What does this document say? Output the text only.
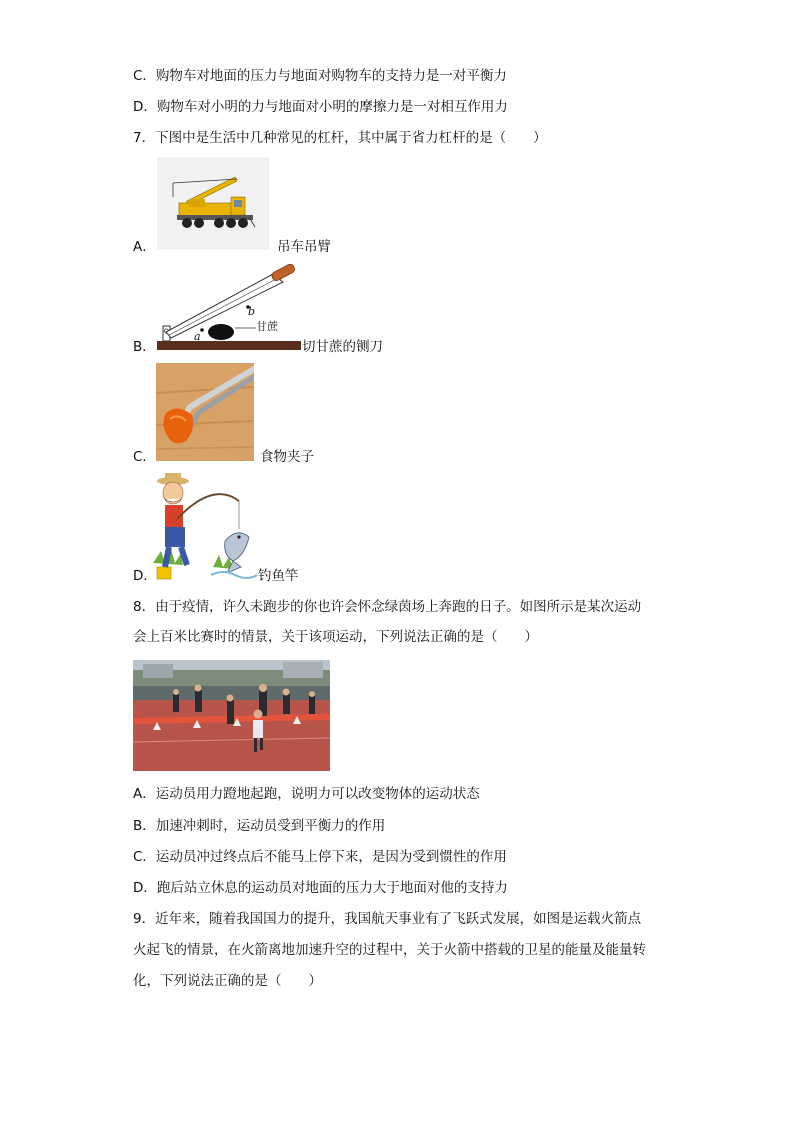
C．购物车对地面的压力与地面对购物车的支持力是一对平衡力
D．购物车对小明的力与地面对小明的摩擦力是一对相互作用力
7．下图中是生活中几种常见的杠杆，其中属于省力杠杆的是（　　）
A．	吊车吊臂
甘蔗
a
b
B．	切甘蔗的铡刀
C．	食物夹子
D．	钓鱼竿
8．由于疫情，许久未跑步的你也许会怀念绿茵场上奔跑的日子。如图所示是某次运动
会上百米比赛时的情景，关于该项运动，下列说法正确的是（　　）
A．运动员用力蹬地起跑，说明力可以改变物体的运动状态
B．加速冲刺时，运动员受到平衡力的作用
C．运动员冲过终点后不能马上停下来，是因为受到惯性的作用
D．跑后站立休息的运动员对地面的压力大于地面对他的支持力
9．近年来，随着我国国力的提升，我国航天事业有了飞跃式发展，如图是运载火箭点
火起飞的情景，在火箭离地加速升空的过程中，关于火箭中搭载的卫星的能量及能量转
化，下列说法正确的是（　　）
